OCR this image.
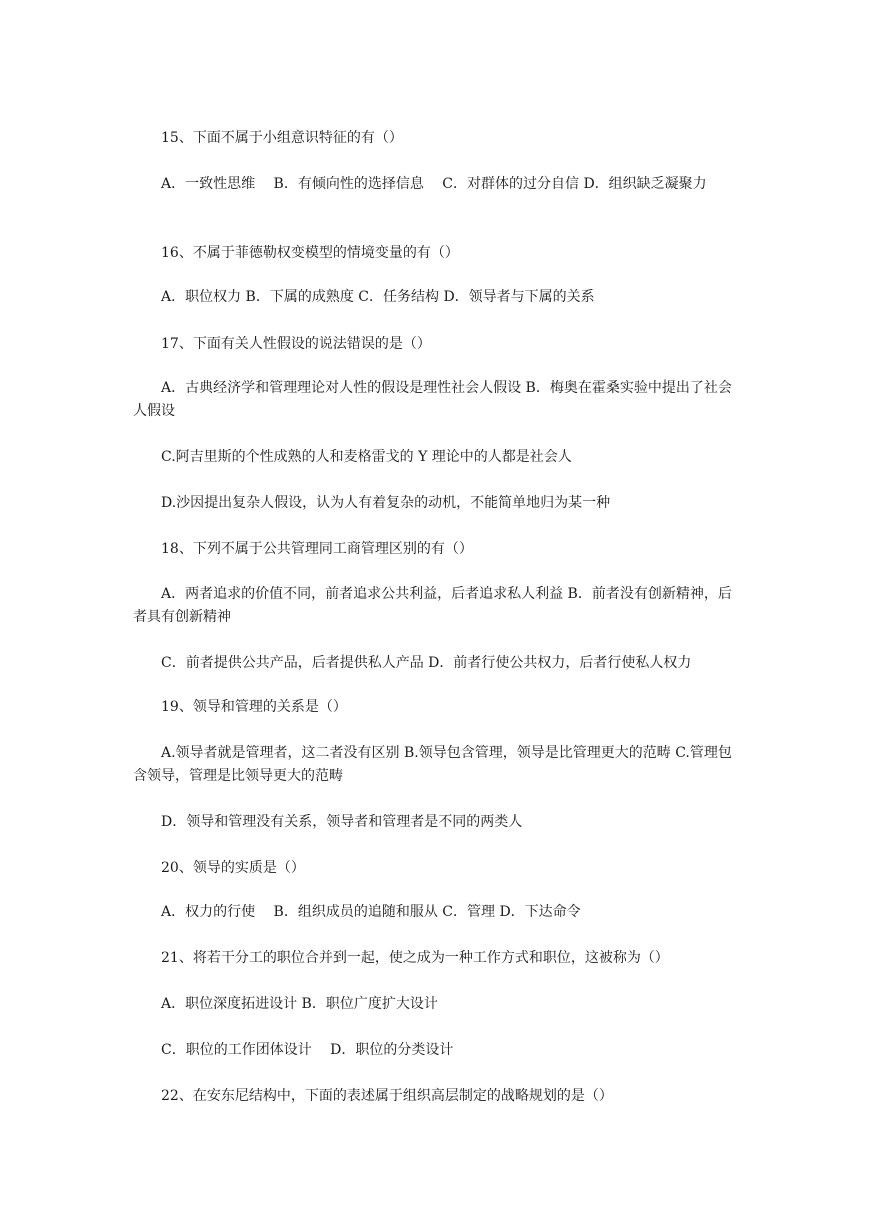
15、下面不属于小组意识特征的有（）

A．一致性思维　 B．有倾向性的选择信息　 C．对群体的过分自信 D．组织缺乏凝聚力

16、不属于菲德勒权变模型的情境变量的有（）

A．职位权力 B．下属的成熟度 C．任务结构 D．领导者与下属的关系

17、下面有关人性假设的说法错误的是（）

A．古典经济学和管理理论对人性的假设是理性社会人假设 B．梅奥在霍桑实验中提出了社会人假设

C.阿吉里斯的个性成熟的人和麦格雷戈的 Y 理论中的人都是社会人

D.沙因提出复杂人假设，认为人有着复杂的动机，不能简单地归为某一种

18、下列不属于公共管理同工商管理区别的有（）

A．两者追求的价值不同，前者追求公共利益，后者追求私人利益 B．前者没有创新精神，后者具有创新精神

C．前者提供公共产品，后者提供私人产品 D．前者行使公共权力，后者行使私人权力

19、领导和管理的关系是（）

A.领导者就是管理者，这二者没有区别 B.领导包含管理，领导是比管理更大的范畴 C.管理包含领导，管理是比领导更大的范畴

D．领导和管理没有关系，领导者和管理者是不同的两类人

20、领导的实质是（）

A．权力的行使　 B．组织成员的追随和服从 C．管理 D．下达命令

21、将若干分工的职位合并到一起，使之成为一种工作方式和职位，这被称为（）

A．职位深度拓进设计 B．职位广度扩大设计

C．职位的工作团体设计　 D．职位的分类设计

22、在安东尼结构中，下面的表述属于组织高层制定的战略规划的是（）
